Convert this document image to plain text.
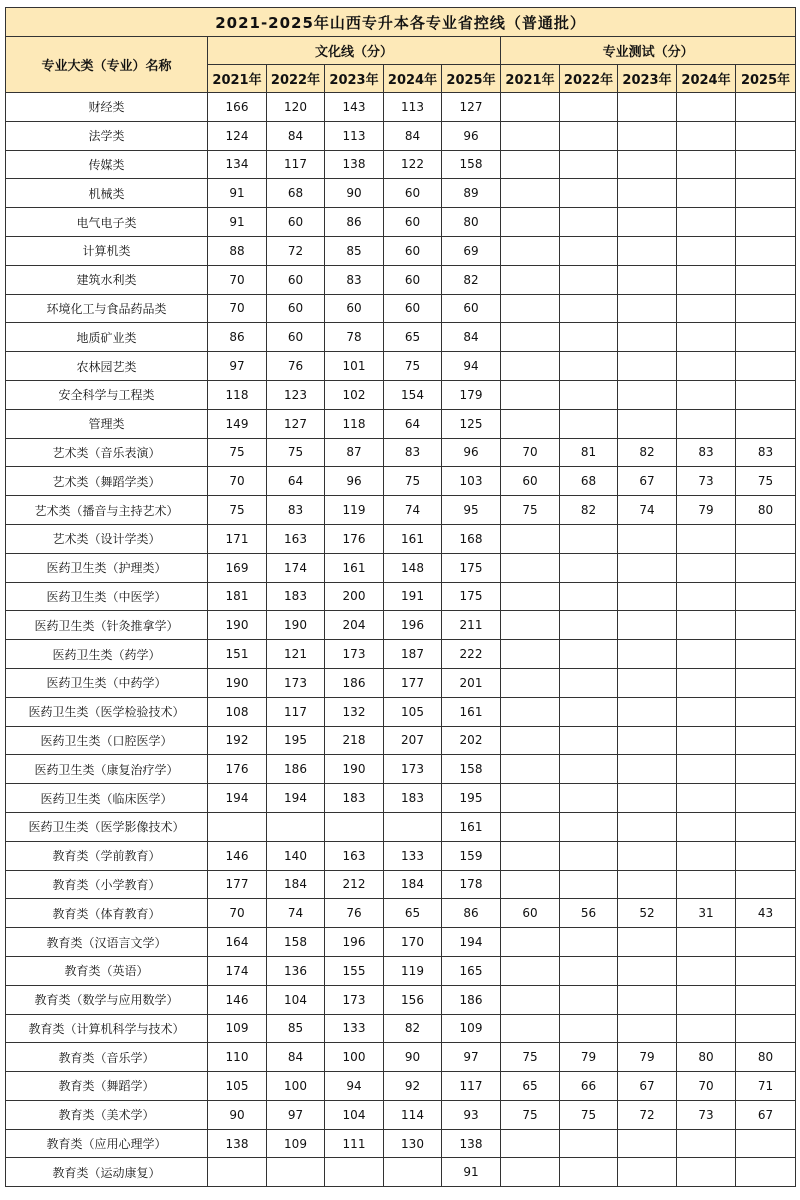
2021-2025年山西专升本各专业省控线（普通批）										
专业大类（专业）名称	文化线（分）					专业测试（分）				
	2021年	2022年	2023年	2024年	2025年	2021年	2022年	2023年	2024年	2025年
财经类	166	120	143	113	127					
法学类	124	84	113	84	96					
传媒类	134	117	138	122	158					
机械类	91	68	90	60	89					
电气电子类	91	60	86	60	80					
计算机类	88	72	85	60	69					
建筑水利类	70	60	83	60	82					
环境化工与食品药品类	70	60	60	60	60					
地质矿业类	86	60	78	65	84					
农林园艺类	97	76	101	75	94					
安全科学与工程类	118	123	102	154	179					
管理类	149	127	118	64	125					
艺术类（音乐表演）	75	75	87	83	96	70	81	82	83	83
艺术类（舞蹈学类）	70	64	96	75	103	60	68	67	73	75
艺术类（播音与主持艺术）	75	83	119	74	95	75	82	74	79	80
艺术类（设计学类）	171	163	176	161	168					
医药卫生类（护理类）	169	174	161	148	175					
医药卫生类（中医学）	181	183	200	191	175					
医药卫生类（针灸推拿学）	190	190	204	196	211					
医药卫生类（药学）	151	121	173	187	222					
医药卫生类（中药学）	190	173	186	177	201					
医药卫生类（医学检验技术）	108	117	132	105	161					
医药卫生类（口腔医学）	192	195	218	207	202					
医药卫生类（康复治疗学）	176	186	190	173	158					
医药卫生类（临床医学）	194	194	183	183	195					
医药卫生类（医学影像技术）					161					
教育类（学前教育）	146	140	163	133	159					
教育类（小学教育）	177	184	212	184	178					
教育类（体育教育）	70	74	76	65	86	60	56	52	31	43
教育类（汉语言文学）	164	158	196	170	194					
教育类（英语）	174	136	155	119	165					
教育类（数学与应用数学）	146	104	173	156	186					
教育类（计算机科学与技术）	109	85	133	82	109					
教育类（音乐学）	110	84	100	90	97	75	79	79	80	80
教育类（舞蹈学）	105	100	94	92	117	65	66	67	70	71
教育类（美术学）	90	97	104	114	93	75	75	72	73	67
教育类（应用心理学）	138	109	111	130	138					
教育类（运动康复）					91					
